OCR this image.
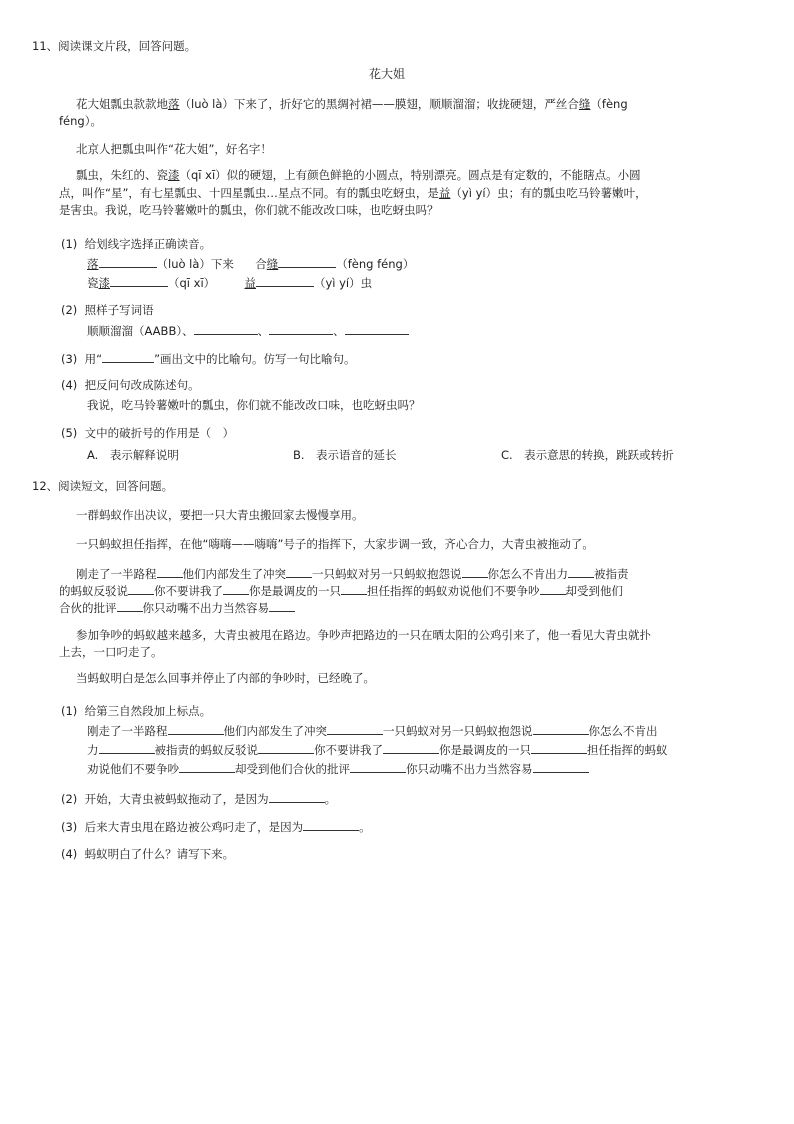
11、阅读课文片段，回答问题。
花大姐
花大姐瓢虫款款地落（luò là）下来了，折好它的黑绸衬裙——膜翅，顺顺溜溜；收拢硬翅，严丝合缝（fèng
féng）。
北京人把瓢虫叫作“花大姐”，好名字！
瓢虫，朱红的、瓷漆（qī xī）似的硬翅，上有颜色鲜艳的小圆点，特别漂亮。圆点是有定数的，不能瞎点。小圆
点，叫作“星”，有七星瓢虫、十四星瓢虫…星点不同。有的瓢虫吃蚜虫，是益（yì yí）虫；有的瓢虫吃马铃薯嫩叶，
是害虫。我说，吃马铃薯嫩叶的瓢虫，你们就不能改改口味，也吃蚜虫吗？
(1) 给划线字选择正确读音。
落	（luò là）下来 合缝	（fèng féng）
瓷漆	（qī xī）	益	（yì yí）虫
(2) 照样子写词语
顺顺溜溜（AABB）、	、	、
(3) 用“	”画出文中的比喻句。仿写一句比喻句。
(4) 把反问句改成陈述句。
我说，吃马铃薯嫩叶的瓢虫，你们就不能改改口味，也吃蚜虫吗？
(5) 文中的破折号的作用是（　）
A.　表示解释说明	B.　表示语音的延长	C.　表示意思的转换，跳跃或转折
12、阅读短文，回答问题。
一群蚂蚁作出决议，要把一只大青虫搬回家去慢慢享用。
一只蚂蚁担任指挥，在他“嗨嗨——嗨嗨”号子的指挥下，大家步调一致，齐心合力，大青虫被拖动了。
刚走了一半路程 他们内部发生了冲突 一只蚂蚁对另一只蚂蚁抱怨说 你怎么不肯出力 被指责
的蚂蚁反驳说 你不要讲我了 你是最调皮的一只 担任指挥的蚂蚁劝说他们不要争吵 却受到他们
合伙的批评 你只动嘴不出力当然容易
参加争吵的蚂蚁越来越多，大青虫被甩在路边。争吵声把路边的一只在晒太阳的公鸡引来了，他一看见大青虫就扑
上去，一口叼走了。
当蚂蚁明白是怎么回事并停止了内部的争吵时，已经晚了。
(1) 给第三自然段加上标点。
刚走了一半路程	他们内部发生了冲突	一只蚂蚁对另一只蚂蚁抱怨说	你怎么不肯出
力	被指责的蚂蚁反驳说	你不要讲我了	你是最调皮的一只	担任指挥的蚂蚁
劝说他们不要争吵	却受到他们合伙的批评	你只动嘴不出力当然容易
(2) 开始，大青虫被蚂蚁拖动了，是因为	。
(3) 后来大青虫甩在路边被公鸡叼走了，是因为	。
(4) 蚂蚁明白了什么？请写下来。
